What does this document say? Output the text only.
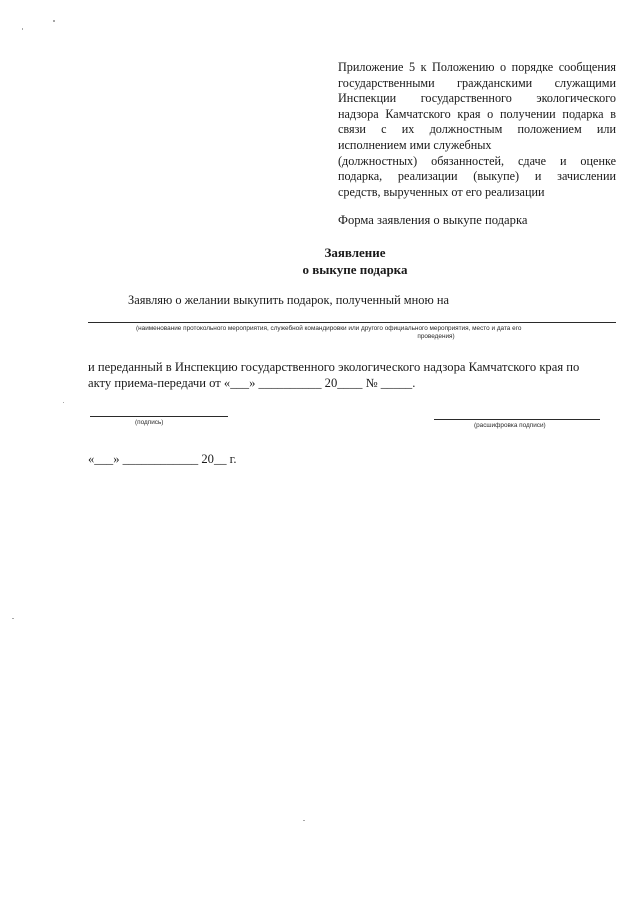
Приложение 5 к Положению о порядке сообщения
государственными гражданскими служащими
Инспекции государственного экологического
надзора Камчатского края о получении подарка в
связи с их должностным положением или
исполнением ими служебных
(должностных) обязанностей, сдаче и оценке
подарка, реализации (выкупе) и зачислении
средств, вырученных от его реализации
Форма заявления о выкупе подарка
Заявление
о выкупе подарка
Заявляю о желании выкупить подарок, полученный мною на
(наименование протокольного мероприятия, служебной командировки или другого официального мероприятия, место и дата его
проведения)
и переданный в Инспекцию государственного экологического надзора Камчатского края по
акту приема-передачи от «___» __________ 20____ № _____.
(подпись)	(расшифровка подписи)
«___» ____________ 20__ г.
